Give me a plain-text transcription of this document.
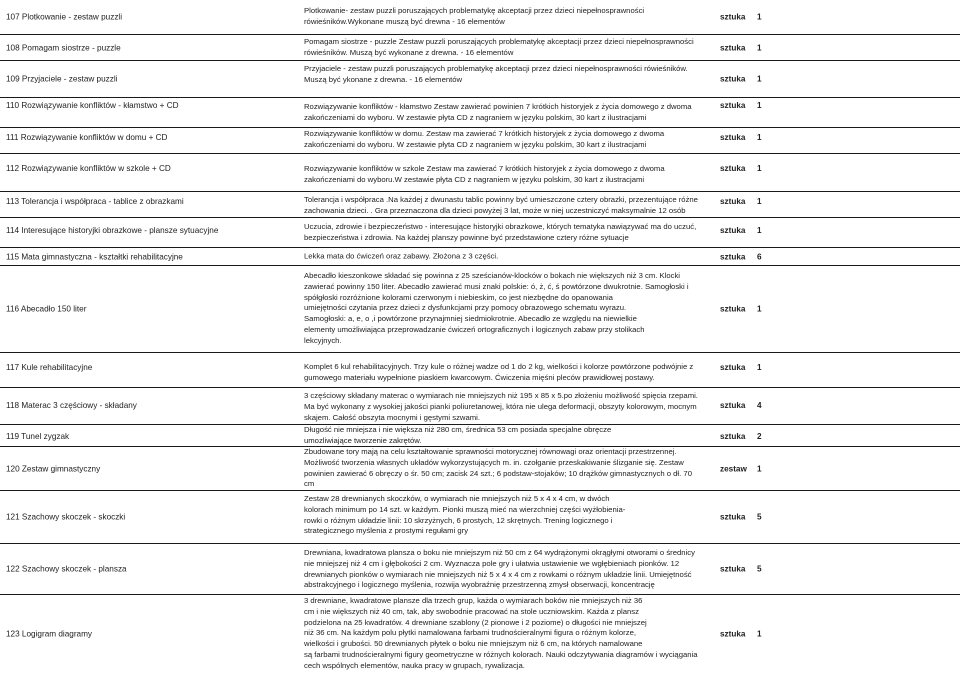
107 Plotkowanie - zestaw puzzli
Plotkowanie- zestaw puzzli poruszających problematykę akceptacji przez dzieci niepełnosprawności
rówieśników.Wykonane muszą być drewna - 16 elementów	sztuka	1
108 Pomagam siostrze - puzzle
Pomagam siostrze - puzzle Zestaw puzzli poruszających problematykę akceptacji przez dzieci niepełnosprawności
rówieśników. Muszą być wykonane z drewna. - 16 elementów
sztuka	1
109 Przyjaciele - zestaw puzzli
Przyjaciele - zestaw puzzli poruszających problematykę akceptacji przez dzieci niepełnosprawności rówieśników.
Muszą być ykonane z drewna. - 16 elementów	sztuka	1
110 Rozwiązywanie konfliktów - kłamstwo + CD	Rozwiązywanie konfliktów - kłamstwo Zestaw zawierać powinien 7 krótkich historyjek z życia domowego z dwoma
zakończeniami do wyboru. W zestawie płyta CD z nagraniem w języku polskim, 30 kart z ilustracjami
sztuka	1
111 Rozwiązywanie konfliktów w domu + CD	Rozwiązywanie konfliktów w domu. Zestaw ma zawierać 7 krótkich historyjek z życia domowego z dwoma
zakończeniami do wyboru. W zestawie płyta CD z nagraniem w języku polskim, 30 kart z ilustracjami
sztuka	1
112 Rozwiązywanie konfliktów w szkole + CD	Rozwiązywanie konfliktów w szkole Zestaw ma zawierać 7 krótkich historyjek z życia domowego z dwoma
zakończeniami do wyboru.W zestawie płyta CD z nagraniem w języku polskim, 30 kart z ilustracjami
sztuka	1
113 Tolerancja i współpraca - tablice z obrazkami	Tolerancja i współpraca .Na każdej z dwunastu tablic powinny być umieszczone cztery obrazki, przezentujące różne
zachowania dzieci. . Gra przeznaczona dla dzieci powyżej 3 lat, może w niej uczestniczyć maksymalnie 12 osób
sztuka	1
114 Interesujące historyjki obrazkowe - plansze sytuacyjne	Uczucia, zdrowie i bezpieczeństwo - interesujące historyjki obrazkowe, których tematyka nawiązywać ma do uczuć,
bezpieczeństwa i zdrowia. Na każdej planszy powinne być przedstawione cztery różne sytuacje
sztuka	1
115 Mata gimnastyczna - kształtki rehabilitacyjne	Lekka mata do ćwiczeń oraz zabawy. Złożona z 3 części.	sztuka	6
116 Abecadło 150 liter
Abecadło kieszonkowe składać się powinna z 25 sześcianów-klocków o bokach nie większych niż 3 cm. Klocki
zawierać powinny 150 liter. Abecadło zawierać musi znaki polskie: ó, ż, ć, ś powtórzone dwukrotnie. Samogłoski i
spółgłoski rozróżnione kolorami czerwonym i niebieskim, co jest niezbędne do opanowania
umiejętności czytania przez dzieci z dysfunkcjami przy pomocy obrazowego schematu wyrazu.
Samogłoski: a, e, o ,i powtórzone przynajmniej siedmiokrotnie. Abecadło ze względu na niewielkie
elementy umożliwiająca przeprowadzanie ćwiczeń ortograficznych i logicznych zabaw przy stolikach
lekcyjnych.
sztuka	1
117 Kule rehabilitacyjne	Komplet 6 kul rehabilitacyjnych. Trzy kule o różnej wadze od 1 do 2 kg, wielkości i kolorze powtórzone podwójnie z
gumowego materiału wypełnione piaskiem kwarcowym. Ćwiczenia mięśni pleców prawidłowej postawy.
sztuka	1
118 Materac 3 częściowy - składany
3 częściowy składany materac o wymiarach nie mniejszych niż 195 x 85 x 5.po złożeniu możliwość spięcia rzepami.
Ma być wykonany z wysokiej jakości pianki poliuretanowej, która nie ulega deformacji, obszyty kolorowym, mocnym
skajem. Całość obszyta mocnymi i gęstymi szwami.
sztuka	4
119 Tunel zygzak
Długość nie mniejsza i nie większa niż 280 cm, średnica 53 cm posiada specjalne obręcze
umozliwiające tworzenie zakrętów.	sztuka	2
120 Zestaw gimnastyczny
Zbudowane tory mają na celu kształtowanie sprawności motorycznej równowagi oraz orientacji przestrzennej.
Możliwość tworzenia własnych układów wykorzystujących m. in. czołganie przeskakiwanie ślizganie się. Zestaw
powinien zawierać 6 obręczy o śr. 50 cm; zacisk 24 szt.; 6 podstaw-stojaków; 10 drążków gimnastycznych o dł. 70
cm
zestaw	1
121 Szachowy skoczek - skoczki
Zestaw 28 drewnianych skoczków, o wymiarach nie mniejszych niż 5 x 4 x 4 cm, w dwóch
kolorach minimum po 14 szt. w każdym. Pionki muszą mieć na wierzchniej części wyżłobienia-
rowki o różnym układzie linii: 10 skrzyżnych, 6 prostych, 12 skrętnych. Trening logicznego i
strategicznego myślenia z prostymi regułami gry
sztuka	5
122 Szachowy skoczek - plansza
Drewniana, kwadratowa plansza o boku nie mniejszym niż 50 cm z 64 wydrążonymi okrągłymi otworami o średnicy
nie mniejszej niż 4 cm i głębokości 2 cm. Wyznacza pole gry i ułatwia ustawienie we wgłębieniach pionków. 12
drewnianych pionków o wymiarach nie mniejszych niż 5 x 4 x 4 cm z rowkami o różnym układzie linii. Umiejętność
abstrakcyjnego i logicznego myślenia, rozwija wyobraźnię przestrzenną zmysł obserwacji, koncentrację
sztuka	5
123 Logigram diagramy
3 drewniane, kwadratowe plansze dla trzech grup, każda o wymiarach boków nie mniejszych niż 36
cm i nie większych niż 40 cm, tak, aby swobodnie pracować na stole uczniowskim. Każda z plansz
podzielona na 25 kwadratów. 4 drewniane szablony (2 pionowe i 2 poziome) o długości nie mniejszej
niż 36 cm. Na każdym polu płytki namalowana farbami trudnościeralnymi figura o różnym kolorze,
wielkości i grubości. 50 drewnianych płytek o boku nie mniejszym niż 6 cm, na których namalowane
są farbami trudnościeralnymi figury geometryczne w różnych kolorach. Nauki odczytywania diagramów i wyciągania
cech wspólnych elementów, nauka pracy w grupach, rywalizacja.
sztuka	1
